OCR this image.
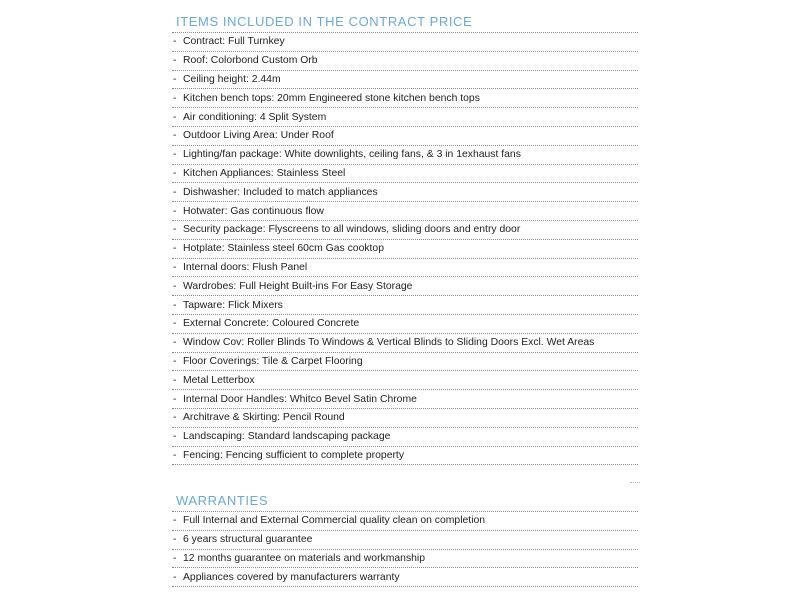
ITEMS INCLUDED IN THE CONTRACT PRICE
- Contract: Full Turnkey
- Roof: Colorbond Custom Orb
- Ceiling height: 2.44m
- Kitchen bench tops: 20mm Engineered stone kitchen bench tops
- Air conditioning: 4 Split System
- Outdoor Living Area: Under Roof
- Lighting/fan package: White downlights, ceiling fans, & 3 in 1exhaust fans
- Kitchen Appliances: Stainless Steel
- Dishwasher: Included to match appliances
- Hotwater: Gas continuous flow
- Security package: Flyscreens to all windows, sliding doors and entry door
- Hotplate: Stainless steel 60cm Gas cooktop
- Internal doors: Flush Panel
- Wardrobes: Full Height Built-ins For Easy Storage
- Tapware: Flick Mixers
- External Concrete: Coloured Concrete
- Window Cov: Roller Blinds To Windows & Vertical Blinds to Sliding Doors Excl. Wet Areas
- Floor Coverings: Tile & Carpet Flooring
- Metal Letterbox
- Internal Door Handles: Whitco Bevel Satin Chrome
- Architrave & Skirting: Pencil Round
- Landscaping: Standard landscaping package
- Fencing: Fencing sufficient to complete property
WARRANTIES
- Full Internal and External Commercial quality clean on completion
- 6 years structural guarantee
- 12 months guarantee on materials and workmanship
- Appliances covered by manufacturers warranty
